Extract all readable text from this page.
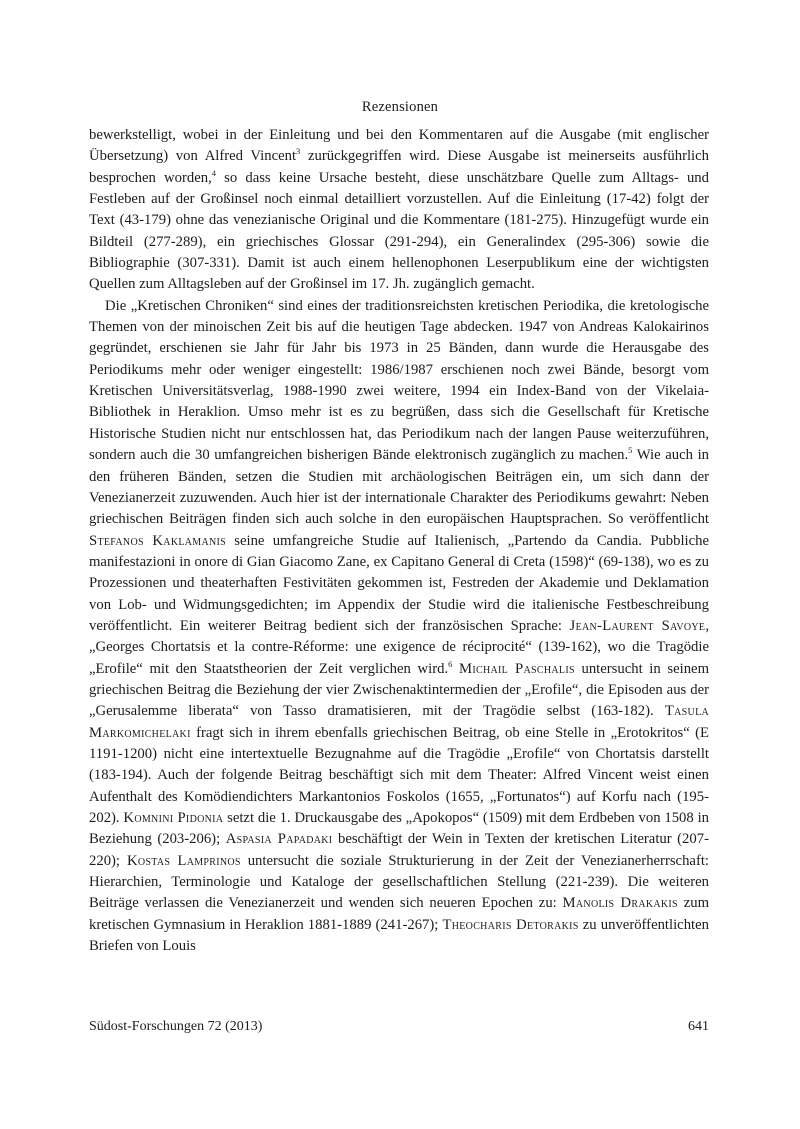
Rezensionen

bewerkstelligt, wobei in der Einleitung und bei den Kommentaren auf die Ausgabe (mit englischer Übersetzung) von Alfred Vincent$^3$ zurückgegriffen wird. Diese Ausgabe ist meinerseits ausführlich besprochen worden,$^4$ so dass keine Ursache besteht, diese unschätzbare Quelle zum Alltags- und Festleben auf der Großinsel noch einmal detailliert vorzustellen. Auf die Einleitung (17-42) folgt der Text (43-179) ohne das venezianische Original und die Kommentare (181-275). Hinzugefügt wurde ein Bildteil (277-289), ein griechisches Glossar (291-294), ein Generalindex (295-306) sowie die Bibliographie (307-331). Damit ist auch einem hellenophonen Leserpublikum eine der wichtigsten Quellen zum Alltagsleben auf der Großinsel im 17. Jh. zugänglich gemacht.

Die „Kretischen Chroniken“ sind eines der traditionsreichsten kretischen Periodika, die kretologische Themen von der minoischen Zeit bis auf die heutigen Tage abdecken. 1947 von Andreas Kalokairinos gegründet, erschienen sie Jahr für Jahr bis 1973 in 25 Bänden, dann wurde die Herausgabe des Periodikums mehr oder weniger eingestellt: 1986/1987 erschienen noch zwei Bände, besorgt vom Kretischen Universitätsverlag, 1988-1990 zwei weitere, 1994 ein Index-Band von der Vikelaia-Bibliothek in Heraklion. Umso mehr ist es zu begrüßen, dass sich die Gesellschaft für Kretische Historische Studien nicht nur entschlossen hat, das Periodikum nach der langen Pause weiterzuführen, sondern auch die 30 umfangreichen bisherigen Bände elektronisch zugänglich zu machen.$^5$ Wie auch in den früheren Bänden, setzen die Studien mit archäologischen Beiträgen ein, um sich dann der Venezianerzeit zuzuwenden. Auch hier ist der internationale Charakter des Periodikums gewahrt: Neben griechischen Beiträgen finden sich auch solche in den europäischen Hauptsprachen. So veröffentlicht Stefanos Kaklamanis seine umfangreiche Studie auf Italienisch, „Partendo da Candia. Pubbliche manifestazioni in onore di Gian Giacomo Zane, ex Capitano General di Creta (1598)“ (69-138), wo es zu Prozessionen und theaterhaften Festivitäten gekommen ist, Festreden der Akademie und Deklamation von Lob- und Widmungsgedichten; im Appendix der Studie wird die italienische Festbeschreibung veröffentlicht. Ein weiterer Beitrag bedient sich der französischen Sprache: Jean-Laurent Savoye, „Georges Chortatsis et la contre-Réforme: une exigence de réciprocité“ (139-162), wo die Tragödie „Erofile“ mit den Staatstheorien der Zeit verglichen wird.$^6$ Michail Paschalis untersucht in seinem griechischen Beitrag die Beziehung der vier Zwischenaktintermedien der „Erofile“, die Episoden aus der „Gerusalemme liberata“ von Tasso dramatisieren, mit der Tragödie selbst (163-182). Tasula Markomichelaki fragt sich in ihrem ebenfalls griechischen Beitrag, ob eine Stelle in „Erotokritos“ (E 1191-1200) nicht eine intertextuelle Bezugnahme auf die Tragödie „Erofile“ von Chortatsis darstellt (183-194). Auch der folgende Beitrag beschäftigt sich mit dem Theater: Alfred Vincent weist einen Aufenthalt des Komödiendichters Markantonios Foskolos (1655, „Fortunatos“) auf Korfu nach (195-202). Komnini Pidonia setzt die 1. Druckausgabe des „Apokopos“ (1509) mit dem Erdbeben von 1508 in Beziehung (203-206); Aspasia Papadaki beschäftigt der Wein in Texten der kretischen Literatur (207-220); Kostas Lamprinos untersucht die soziale Strukturierung in der Zeit der Venezianerherrschaft: Hierarchien, Terminologie und Kataloge der gesellschaftlichen Stellung (221-239). Die weiteren Beiträge verlassen die Venezianerzeit und wenden sich neueren Epochen zu: Manolis Drakakis zum kretischen Gymnasium in Heraklion 1881-1889 (241-267); Theocharis Detorakis zu unveröffentlichten Briefen von Louis

Südost-Forschungen 72 (2013)	641
